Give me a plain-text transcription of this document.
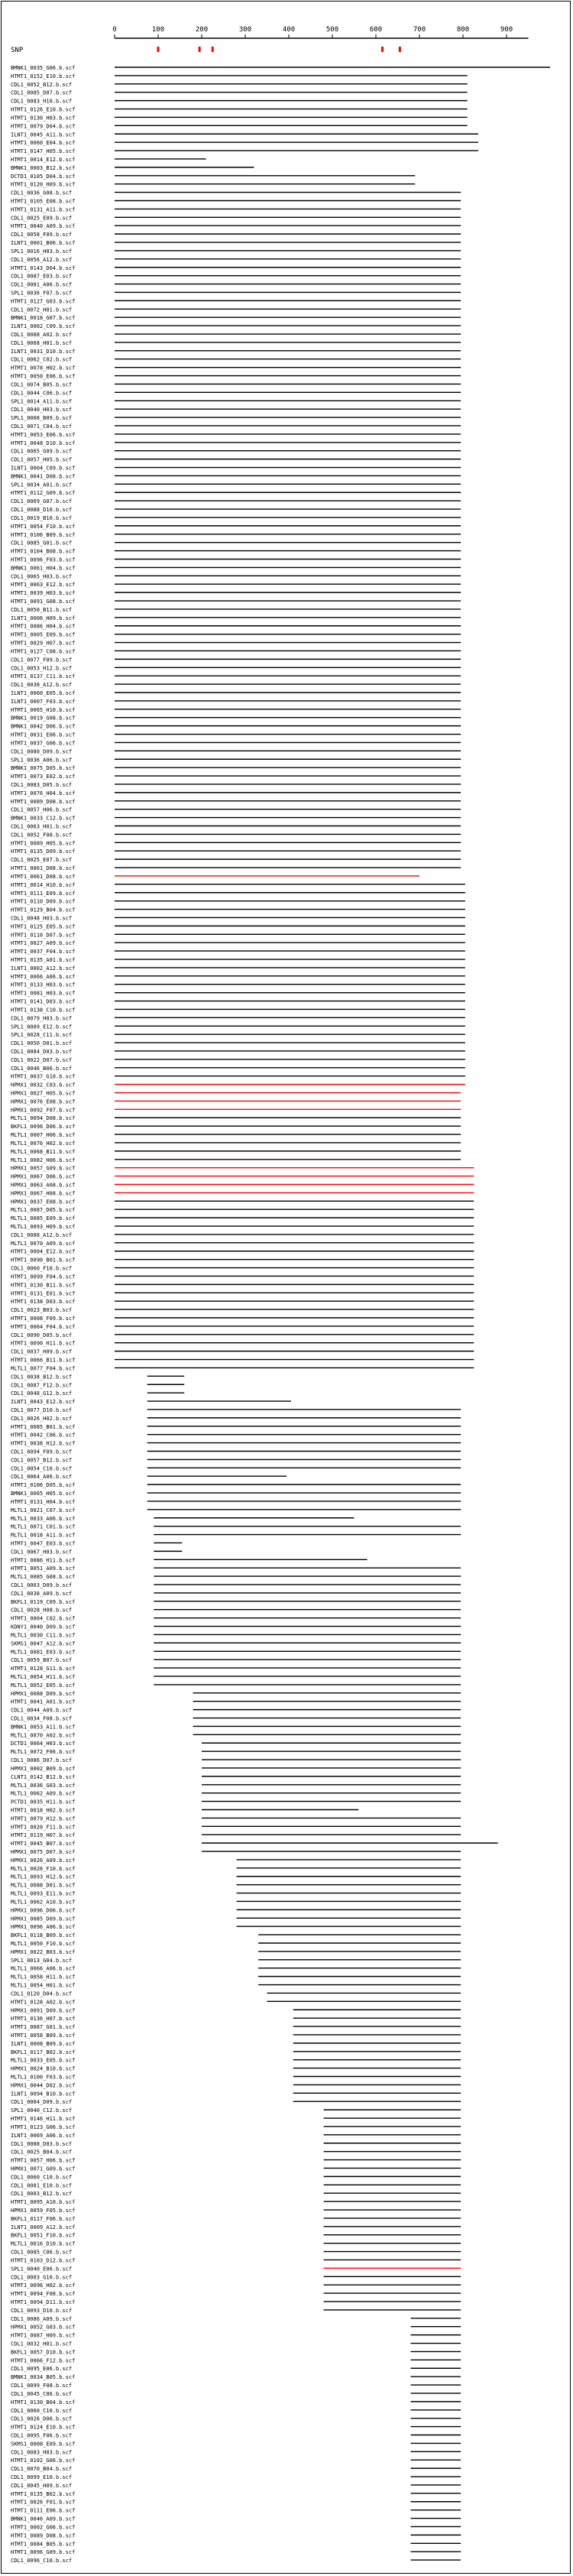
0	100	200	300	400	500	600	700	800	900
SNP
BMNK1_0035_G06.b.scf
HTMT1_0152_E10.b.scf
CDL1_0052_B12.b.scf
CDL1_0085_D07.b.scf
CDL1_0083_H10.b.scf
HTMT1_0126_E10.b.scf
HTMT1_0130_H03.b.scf
HTMT1_0079_D04.b.scf
ILNT1_0045_A11.b.scf
HTMT1_0060_E04.b.scf
HTMT1_0147_H05.b.scf
HTMT1_0014_E12.b.scf
BMNK1_0003_B12.b.scf
DCTD1_0105_D04.b.scf
HTMT1_0120_H09.b.scf
CDL1_0036_G08.b.scf
HTMT1_0105_E08.b.scf
HTMT1_0131_A11.b.scf
CDL1_0025_E09.b.scf
HTMT1_0040_A09.b.scf
CDL1_0058_F09.b.scf
ILNT1_0001_B06.b.scf
SPL1_0016_H03.b.scf
CDL1_0056_A12.b.scf
HTMT1_0143_D04.b.scf
CDL1_0087_E03.b.scf
CDL1_0081_A06.b.scf
SPL1_0036_F07.b.scf
HTMT1_0127_G03.b.scf
CDL1_0072_H01.b.scf
BMNK1_0018_G07.b.scf
ILNT1_0002_C09.b.scf
CDL1_0088_A02.b.scf
CDL1_0068_H01.b.scf
ILNT1_0031_D10.b.scf
CDL1_0062_C02.b.scf
HTMT1_0078_H02.b.scf
HTMT1_0050_E06.b.scf
CDL1_0074_B05.b.scf
CDL1_0044_C06.b.scf
SPL1_0014_A11.b.scf
CDL1_0040_H03.b.scf
SPL1_0008_B09.b.scf
CDL1_0071_C04.b.scf
HTMT1_0053_E06.b.scf
HTMT1_0048_D10.b.scf
CDL1_0065_G09.b.scf
CDL1_0057_H05.b.scf
ILNT1_0004_C09.b.scf
BMNK1_0041_D08.b.scf
SPL1_0034_A01.b.scf
HTMT1_0112_G09.b.scf
CDL1_0069_G07.b.scf
CDL1_0088_D10.b.scf
CDL1_0019_B10.b.scf
HTMT1_0054_F10.b.scf
HTMT1_0106_B09.b.scf
CDL1_0085_G01.b.scf
HTMT1_0104_B08.b.scf
HTMT1_0096_F03.b.scf
BMNK1_0061_H04.b.scf
CDL1_0065_H03.b.scf
HTMT1_0063_E12.b.scf
HTMT1_0039_H03.b.scf
HTMT1_0091_G08.b.scf
CDL1_0050_B11.b.scf
ILNT1_0006_H09.b.scf
HTMT1_0086_H04.b.scf
HTMT1_0005_E09.b.scf
HTMT1_0029_H07.b.scf
HTMT1_0127_C08.b.scf
CDL1_0077_F09.b.scf
CDL1_0053_H12.b.scf
HTMT1_0137_C11.b.scf
CDL1_0038_A12.b.scf
ILNT1_0060_E05.b.scf
ILNT1_0007_F03.b.scf
HTMT1_0065_H10.b.scf
BMNK1_0019_G08.b.scf
BMNK1_0042_D06.b.scf
HTMT1_0031_E06.b.scf
HTMT1_0037_G06.b.scf
CDL1_0080_D09.b.scf
SPL1_0036_A06.b.scf
BMNK1_0075_D05.b.scf
HTMT1_0073_E02.b.scf
CDL1_0083_D05.b.scf
HTMT1_0076_H04.b.scf
HTMT1_0089_D08.b.scf
CDL1_0057_H06.b.scf
BMNK1_0033_C12.b.scf
CDL1_0063_H01.b.scf
CDL1_0052_F08.b.scf
HTMT1_0089_H05.b.scf
HTMT1_0135_D09.b.scf
CDL1_0025_E07.b.scf
HTMT1_0061_D08.b.scf
HTMT1_0061_D08.b.scf
HTMT1_0014_H10.b.scf
HTMT1_0111_E09.b.scf
HTMT1_0110_D09.b.scf
HTMT1_0129_B04.b.scf
CDL1_0048_H03.b.scf
HTMT1_0125_E05.b.scf
HTMT1_0110_D07.b.scf
HTMT1_0027_A09.b.scf
HTMT1_0037_F04.b.scf
HTMT1_0135_A01.b.scf
ILNT1_0002_A12.b.scf
HTMT1_0066_A06.b.scf
HTMT1_0133_H03.b.scf
HTMT1_0081_H03.b.scf
HTMT1_0141_D03.b.scf
HTMT1_0138_C10.b.scf
CDL1_0079_H03.b.scf
SPL1_0009_E12.b.scf
SPL1_0028_C11.b.scf
CDL1_0050_D01.b.scf
CDL1_0084_D03.b.scf
CDL1_0022_D07.b.scf
CDL1_0046_B06.b.scf
HTMT1_0037_G10.b.scf
HPMX1_0032_C03.b.scf
HPMX1_0027_H05.b.scf
HPMX1_0076_E08.b.scf
HPMX1_0092_F07.b.scf
MLTL1_0094_D08.b.scf
BKFL1_0096_D06.b.scf
MLTL1_0007_H06.b.scf
MLTL1_0076_H02.b.scf
MLTL1_0068_B11.b.scf
MLTL1_0082_H06.b.scf
HPMX1_0057_G09.b.scf
HPMX1_0067_D06.b.scf
HPMX1_0063_A08.b.scf
HPMX1_0067_H08.b.scf
HPMX1_0037_E08.b.scf
MLTL1_0087_D05.b.scf
MLTL1_0085_E09.b.scf
MLTL1_0093_H09.b.scf
CDL1_0088_A12.b.scf
MLTL1_0070_A09.b.scf
HTMT1_0004_E12.b.scf
HTMT1_0090_B01.b.scf
CDL1_0060_F10.b.scf
HTMT1_0099_F04.b.scf
HTMT1_0130_B11.b.scf
HTMT1_0131_E01.b.scf
HTMT1_0138_D03.b.scf
CDL1_0023_B03.b.scf
HTMT1_0008_F09.b.scf
HTMT1_0064_F04.b.scf
CDL1_0090_D05.b.scf
HTMT1_0090_H11.b.scf
CDL1_0037_H09.b.scf
HTMT1_0066_B11.b.scf
MLTL1_0077_F04.b.scf
CDL1_0038_B12.b.scf
CDL1_0087_F12.b.scf
CDL1_0048_G12.b.scf
ILNT1_0043_E12.b.scf
CDL1_0077_D10.b.scf
CDL1_0026_H02.b.scf
HTMT1_0085_B01.b.scf
HTMT1_0042_C06.b.scf
HTMT1_0038_H12.b.scf
CDL1_0094_F09.b.scf
CDL1_0057_B12.b.scf
CDL1_0054_C10.b.scf
CDL1_0064_A06.b.scf
HTMT1_0106_D05.b.scf
BMNK1_0065_H05.b.scf
HTMT1_0131_H04.b.scf
MLTL1_0021_C07.b.scf
MLTL1_0033_A06.b.scf
MLTL1_0071_C01.b.scf
MLTL1_0018_A11.b.scf
HTMT1_0047_E03.b.scf
CDL1_0067_H03.b.scf
HTMT1_0086_H11.b.scf
HTMT1_0051_A09.b.scf
MLTL1_0085_G08.b.scf
CDL1_0003_D09.b.scf
CDL1_0038_A09.b.scf
BKFL1_0119_C09.b.scf
CDL1_0028_H08.b.scf
HTMT1_0004_C02.b.scf
KDNY1_0040_D09.b.scf
MLTL1_0030_C11.b.scf
SKMS1_0047_A12.b.scf
MLTL1_0081_E03.b.scf
CDL1_0059_B07.b.scf
HTMT1_0128_G11.b.scf
MLTL1_0054_H11.b.scf
MLTL1_0052_E05.b.scf
HPMX1_0088_D09.b.scf
HTMT1_0041_A01.b.scf
CDL1_0044_A09.b.scf
CDL1_0034_F08.b.scf
BMNK1_0053_A11.b.scf
MLTL1_0070_A02.b.scf
DCTD1_0064_H03.b.scf
MLTL1_0072_F06.b.scf
CDL1_0086_D07.b.scf
HPMX1_0002_B09.b.scf
CLNT1_0142_B12.b.scf
MLTL1_0036_G03.b.scf
MLTL1_0062_A09.b.scf
PCTD1_0035_H11.b.scf
HTMT1_0018_H02.b.scf
HTMT1_0079_H12.b.scf
HTMT1_0020_F11.b.scf
HTMT1_0119_H07.b.scf
HTMT1_0045_B07.b.scf
HPMX1_0075_D07.b.scf
HPMX1_0026_A09.b.scf
MLTL1_0026_F10.b.scf
MLTL1_0093_H12.b.scf
MLTL1_0088_D01.b.scf
MLTL1_0093_E11.b.scf
MLTL1_0062_A10.b.scf
HPMX1_0096_D06.b.scf
HPMX1_0085_D09.b.scf
HPMX1_0096_A06.b.scf
BKFL1_0118_B09.b.scf
MLTL1_0050_F10.b.scf
HPMX1_0022_B03.b.scf
SPL1_0013_G04.b.scf
MLTL1_0066_A06.b.scf
MLTL1_0058_H11.b.scf
MLTL1_0054_H01.b.scf
CDL1_0120_D04.b.scf
HTMT1_0128_A02.b.scf
HPMX1_0091_D09.b.scf
HTMT1_0136_H07.b.scf
HTMT1_0087_G01.b.scf
HTMT1_0058_B09.b.scf
ILNT1_0008_B09.b.scf
BKFL1_0117_B02.b.scf
MLTL1_0033_E05.b.scf
HPMX1_0024_B10.b.scf
MLTL1_0100_F03.b.scf
HPMX1_0044_D02.b.scf
ILNT1_0094_B10.b.scf
CDL1_0004_D09.b.scf
SPL1_0040_C12.b.scf
HTMT1_0146_H11.b.scf
HTMT1_0123_G06.b.scf
ILNT1_0069_A06.b.scf
CDL1_0088_D03.b.scf
CDL1_0025_B04.b.scf
HTMT1_0057_H06.b.scf
HPMX1_0071_G09.b.scf
CDL1_0060_C10.b.scf
CDL1_0081_E10.b.scf
CDL1_0003_B12.b.scf
HTMT1_0095_A10.b.scf
HPMX1_0059_F05.b.scf
BKFL1_0117_F06.b.scf
ILNT1_0009_A12.b.scf
BKFL1_0051_F10.b.scf
MLTL1_0016_D10.b.scf
CDL1_0085_C06.b.scf
HTMT1_0103_D12.b.scf
SPL1_0040_E06.b.scf
CDL1_0003_G10.b.scf
HTMT1_0096_H02.b.scf
HTMT1_0094_F08.b.scf
HTMT1_0094_D11.b.scf
CDL1_0093_D10.b.scf
CDL1_0086_A09.b.scf
HPMX1_0052_G03.b.scf
HTMT1_0087_H09.b.scf
CDL1_0032_H01.b.scf
BKFL1_0057_D10.b.scf
HTMT1_0066_F12.b.scf
CDL1_0095_E06.b.scf
BMNK1_0034_B05.b.scf
CDL1_0099_F08.b.scf
CDL1_0045_C06.b.scf
HTMT1_0130_B04.b.scf
CDL1_0060_C10.b.scf
CDL1_0026_D06.b.scf
HTMT1_0124_E10.b.scf
CDL1_0095_F06.b.scf
SKMS1_0008_E09.b.scf
CDL1_0083_H03.b.scf
HTMT1_0102_G06.b.scf
CDL1_0070_B04.b.scf
CDL1_0099_E10.b.scf
CDL1_0045_H09.b.scf
HTMT1_0135_B02.b.scf
HTMT1_0026_F01.b.scf
HTMT1_0111_E06.b.scf
BMNK1_0046_A09.b.scf
HTMT1_0002_G06.b.scf
HTMT1_0089_D08.b.scf
HTMT1_0084_B05.b.scf
HTMT1_0096_G09.b.scf
CDL1_0096_C10.b.scf
